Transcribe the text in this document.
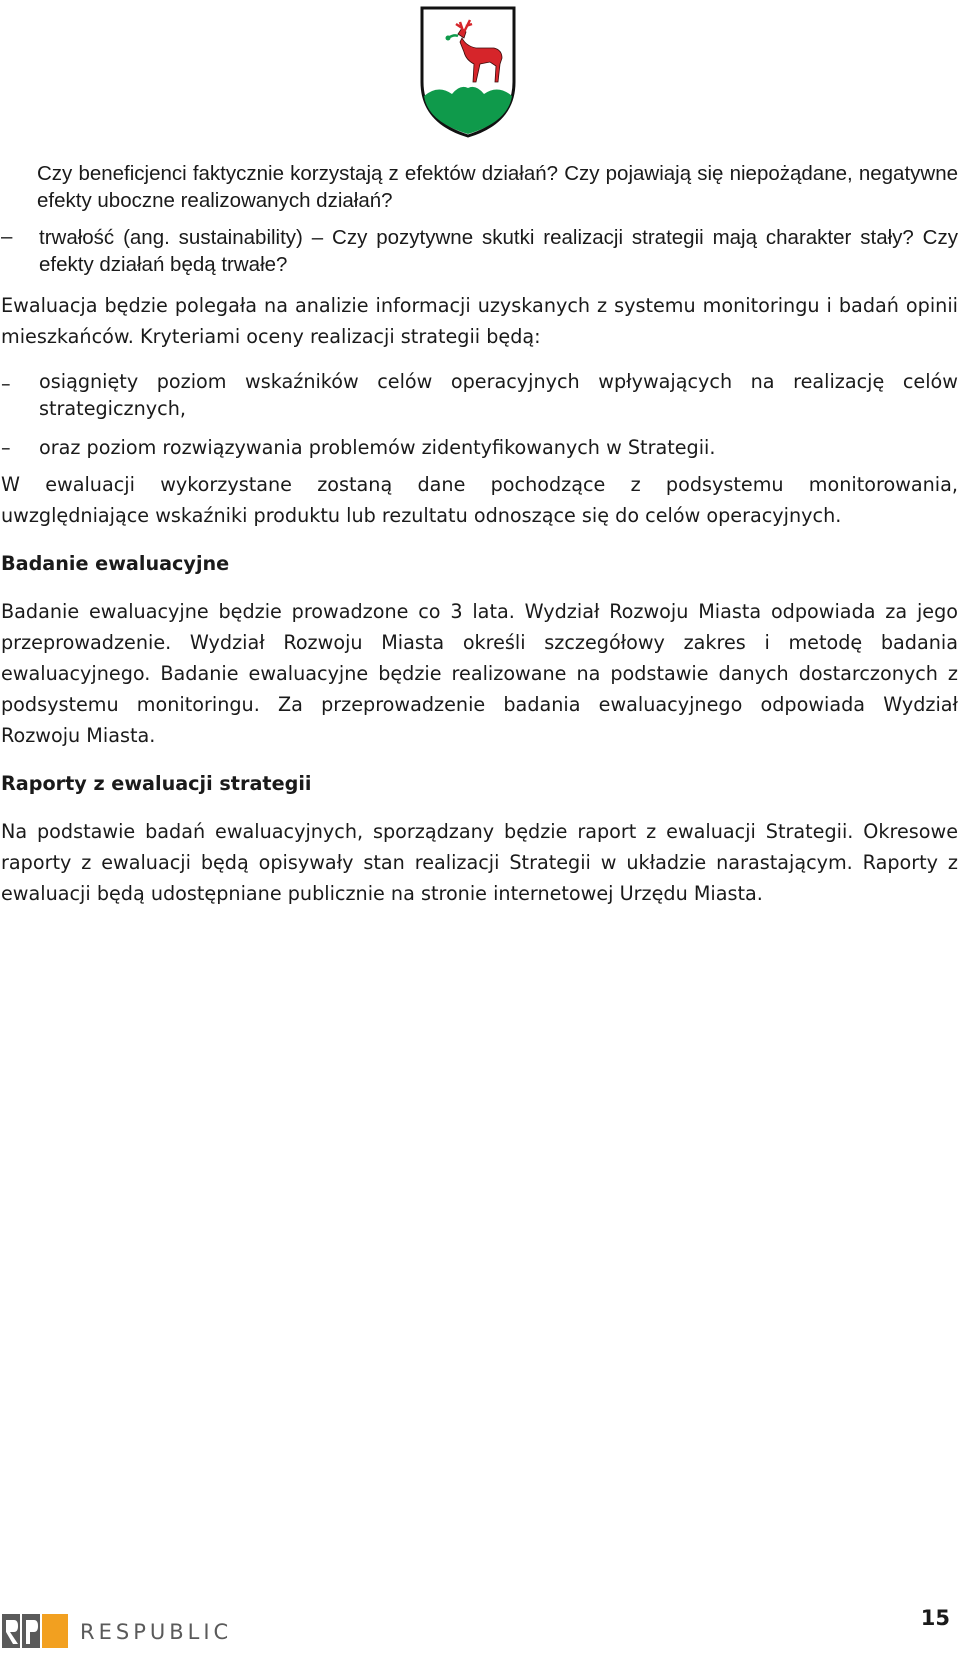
Czy beneficjenci faktycznie korzystają z efektów działań? Czy pojawiają się niepożądane, negatywne efekty uboczne realizowanych działań?

– trwałość (ang. sustainability) – Czy pozytywne skutki realizacji strategii mają charakter stały? Czy efekty działań będą trwałe?

Ewaluacja będzie polegała na analizie informacji uzyskanych z systemu monitoringu i badań opinii mieszkańców. Kryteriami oceny realizacji strategii będą:

– osiągnięty poziom wskaźników celów operacyjnych wpływających na realizację celów strategicznych,

– oraz poziom rozwiązywania problemów zidentyfikowanych w Strategii.

W ewaluacji wykorzystane zostaną dane pochodzące z podsystemu monitorowania, uwzględniające wskaźniki produktu lub rezultatu odnoszące się do celów operacyjnych.

Badanie ewaluacyjne

Badanie ewaluacyjne będzie prowadzone co 3 lata. Wydział Rozwoju Miasta odpowiada za jego przeprowadzenie. Wydział Rozwoju Miasta określi szczegółowy zakres i metodę badania ewaluacyjnego. Badanie ewaluacyjne będzie realizowane na podstawie danych dostarczonych z podsystemu monitoringu. Za przeprowadzenie badania ewaluacyjnego odpowiada Wydział Rozwoju Miasta.

Raporty z ewaluacji strategii

Na podstawie badań ewaluacyjnych, sporządzany będzie raport z ewaluacji Strategii. Okresowe raporty z ewaluacji będą opisywały stan realizacji Strategii w układzie narastającym. Raporty z ewaluacji będą udostępniane publicznie na stronie internetowej Urzędu Miasta.

RESPUBLIC
15
